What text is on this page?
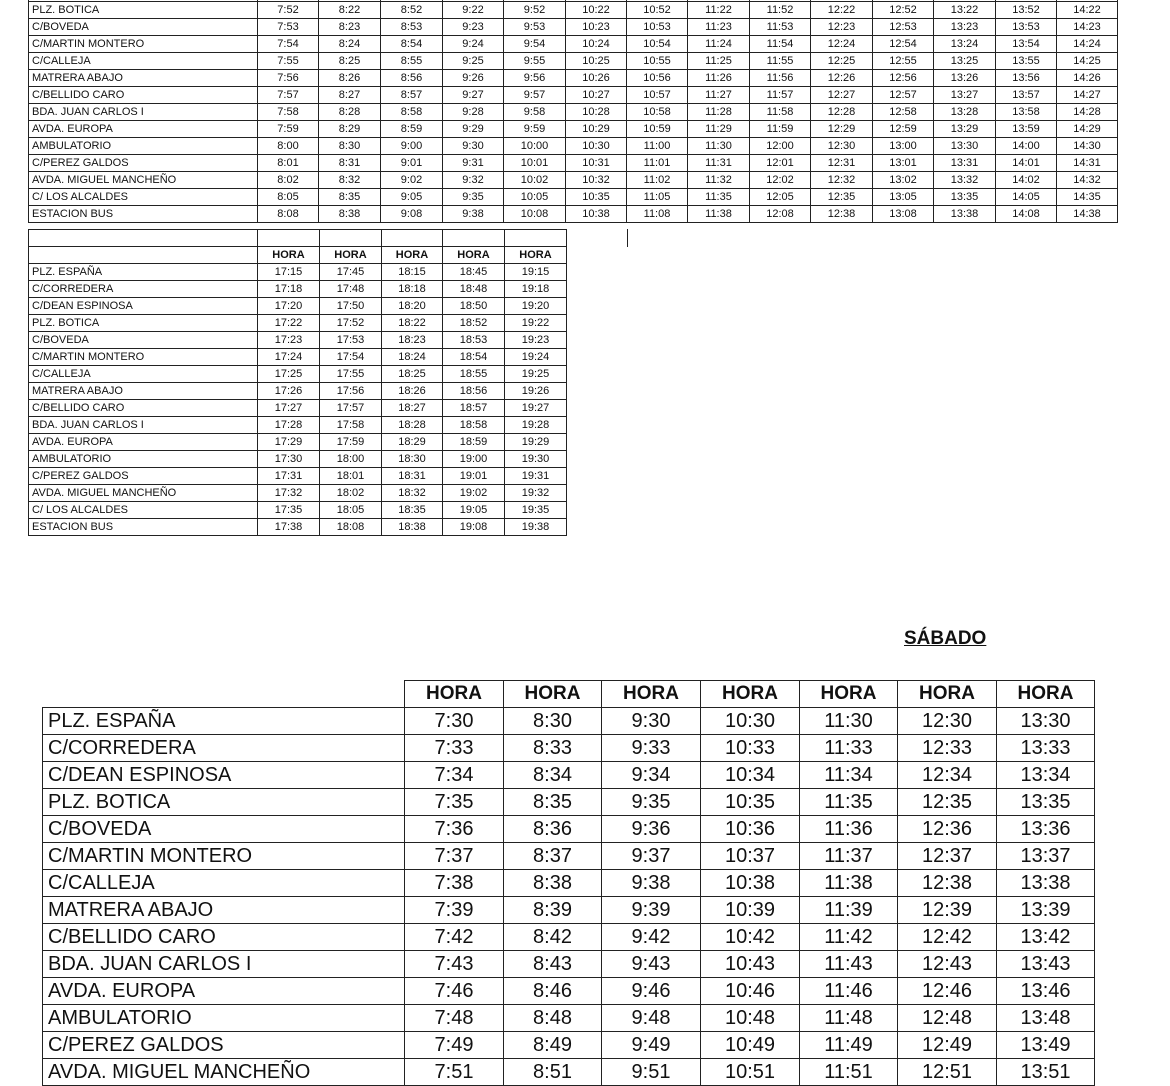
PLZ. BOTICA	7:52	8:22	8:52	9:22	9:52	10:22	10:52	11:22	11:52	12:22	12:52	13:22	13:52	14:22
C/BOVEDA	7:53	8:23	8:53	9:23	9:53	10:23	10:53	11:23	11:53	12:23	12:53	13:23	13:53	14:23
C/MARTIN MONTERO	7:54	8:24	8:54	9:24	9:54	10:24	10:54	11:24	11:54	12:24	12:54	13:24	13:54	14:24
C/CALLEJA	7:55	8:25	8:55	9:25	9:55	10:25	10:55	11:25	11:55	12:25	12:55	13:25	13:55	14:25
MATRERA ABAJO	7:56	8:26	8:56	9:26	9:56	10:26	10:56	11:26	11:56	12:26	12:56	13:26	13:56	14:26
C/BELLIDO CARO	7:57	8:27	8:57	9:27	9:57	10:27	10:57	11:27	11:57	12:27	12:57	13:27	13:57	14:27
BDA. JUAN CARLOS I	7:58	8:28	8:58	9:28	9:58	10:28	10:58	11:28	11:58	12:28	12:58	13:28	13:58	14:28
AVDA. EUROPA	7:59	8:29	8:59	9:29	9:59	10:29	10:59	11:29	11:59	12:29	12:59	13:29	13:59	14:29
AMBULATORIO	8:00	8:30	9:00	9:30	10:00	10:30	11:00	11:30	12:00	12:30	13:00	13:30	14:00	14:30
C/PEREZ GALDOS	8:01	8:31	9:01	9:31	10:01	10:31	11:01	11:31	12:01	12:31	13:01	13:31	14:01	14:31
AVDA. MIGUEL MANCHEÑO	8:02	8:32	9:02	9:32	10:02	10:32	11:02	11:32	12:02	12:32	13:02	13:32	14:02	14:32
C/ LOS ALCALDES	8:05	8:35	9:05	9:35	10:05	10:35	11:05	11:35	12:05	12:35	13:05	13:35	14:05	14:35
ESTACION BUS	8:08	8:38	9:08	9:38	10:08	10:38	11:08	11:38	12:08	12:38	13:08	13:38	14:08	14:38

	HORA	HORA	HORA	HORA	HORA
PLZ. ESPAÑA	17:15	17:45	18:15	18:45	19:15
C/CORREDERA	17:18	17:48	18:18	18:48	19:18
C/DEAN ESPINOSA	17:20	17:50	18:20	18:50	19:20
PLZ. BOTICA	17:22	17:52	18:22	18:52	19:22
C/BOVEDA	17:23	17:53	18:23	18:53	19:23
C/MARTIN MONTERO	17:24	17:54	18:24	18:54	19:24
C/CALLEJA	17:25	17:55	18:25	18:55	19:25
MATRERA ABAJO	17:26	17:56	18:26	18:56	19:26
C/BELLIDO CARO	17:27	17:57	18:27	18:57	19:27
BDA. JUAN CARLOS I	17:28	17:58	18:28	18:58	19:28
AVDA. EUROPA	17:29	17:59	18:29	18:59	19:29
AMBULATORIO	17:30	18:00	18:30	19:00	19:30
C/PEREZ GALDOS	17:31	18:01	18:31	19:01	19:31
AVDA. MIGUEL MANCHEÑO	17:32	18:02	18:32	19:02	19:32
C/ LOS ALCALDES	17:35	18:05	18:35	19:05	19:35
ESTACION BUS	17:38	18:08	18:38	19:08	19:38
SÁBADO
	HORA	HORA	HORA	HORA	HORA	HORA	HORA
PLZ. ESPAÑA	7:30	8:30	9:30	10:30	11:30	12:30	13:30
C/CORREDERA	7:33	8:33	9:33	10:33	11:33	12:33	13:33
C/DEAN ESPINOSA	7:34	8:34	9:34	10:34	11:34	12:34	13:34
PLZ. BOTICA	7:35	8:35	9:35	10:35	11:35	12:35	13:35
C/BOVEDA	7:36	8:36	9:36	10:36	11:36	12:36	13:36
C/MARTIN MONTERO	7:37	8:37	9:37	10:37	11:37	12:37	13:37
C/CALLEJA	7:38	8:38	9:38	10:38	11:38	12:38	13:38
MATRERA ABAJO	7:39	8:39	9:39	10:39	11:39	12:39	13:39
C/BELLIDO CARO	7:42	8:42	9:42	10:42	11:42	12:42	13:42
BDA. JUAN CARLOS I	7:43	8:43	9:43	10:43	11:43	12:43	13:43
AVDA. EUROPA	7:46	8:46	9:46	10:46	11:46	12:46	13:46
AMBULATORIO	7:48	8:48	9:48	10:48	11:48	12:48	13:48
C/PEREZ GALDOS	7:49	8:49	9:49	10:49	11:49	12:49	13:49
AVDA. MIGUEL MANCHEÑO	7:51	8:51	9:51	10:51	11:51	12:51	13:51
